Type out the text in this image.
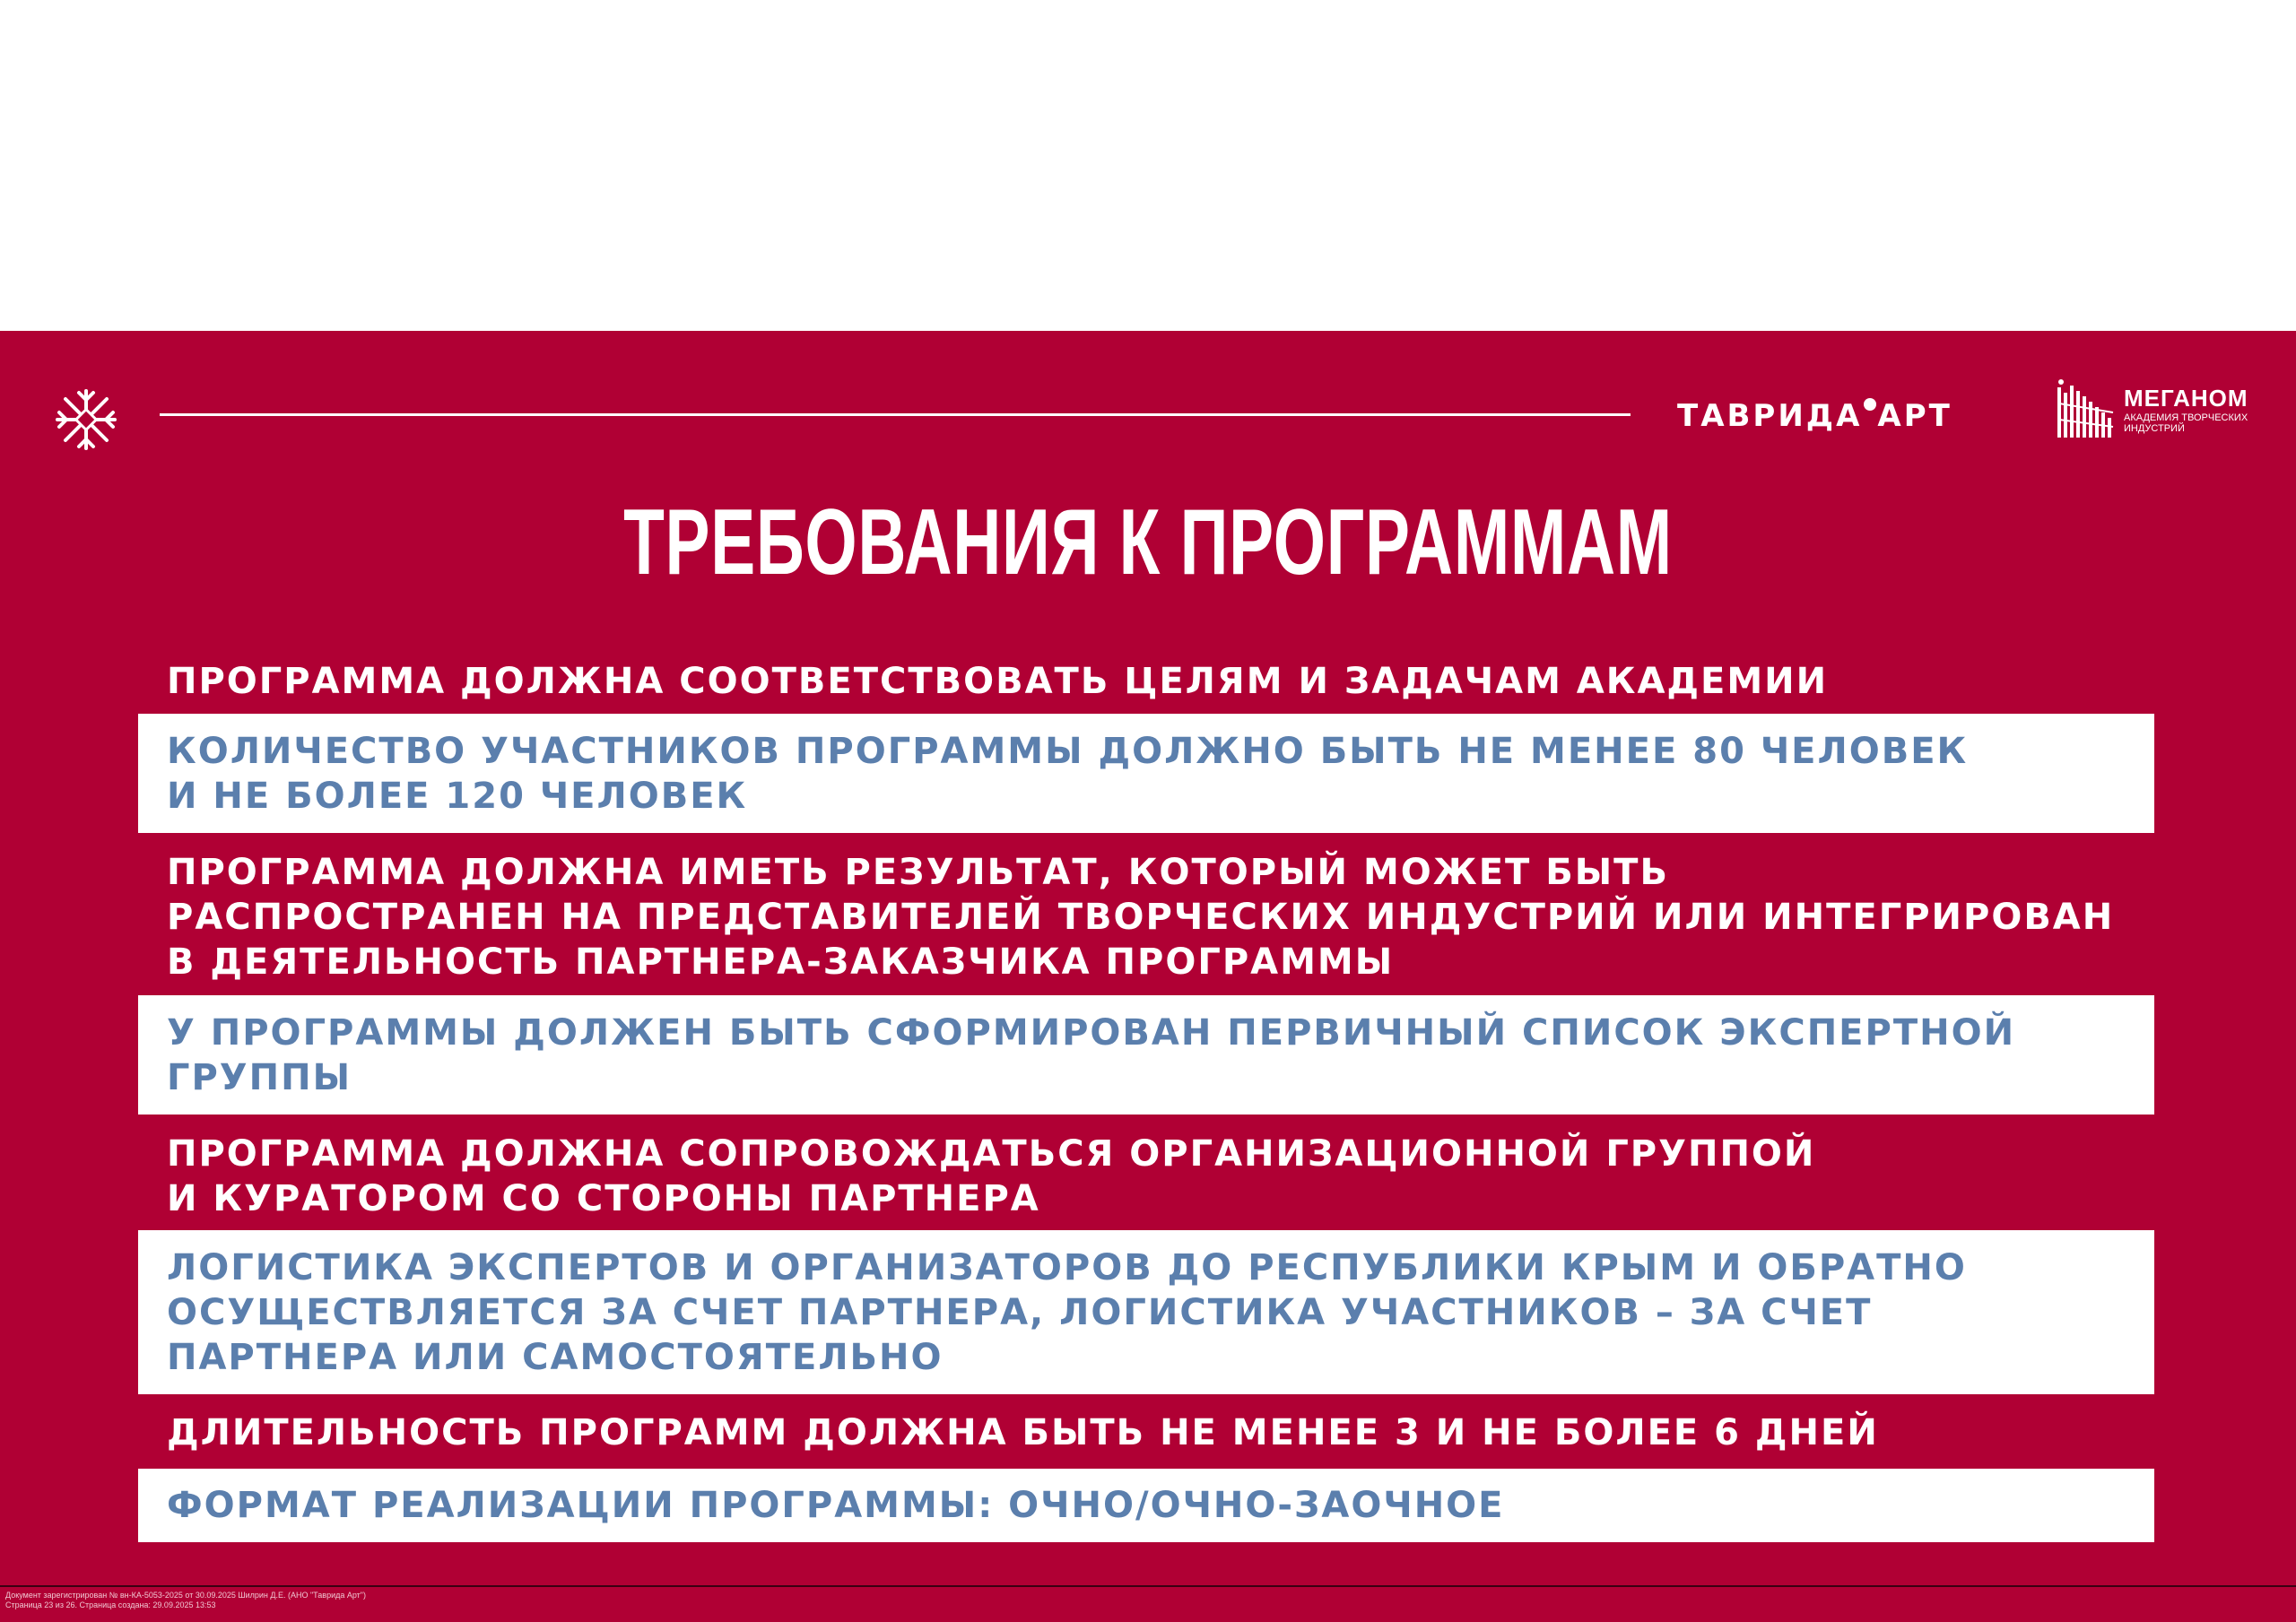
ТАВРИДА АРТ	МЕГАНОМ
АКАДЕМИЯ ТВОРЧЕСКИХ ИНДУСТРИЙ
ТРЕБОВАНИЯ К ПРОГРАММАМ
ПРОГРАММА ДОЛЖНА СООТВЕТСТВОВАТЬ ЦЕЛЯМ И ЗАДАЧАМ АКАДЕМИИ
КОЛИЧЕСТВО УЧАСТНИКОВ ПРОГРАММЫ ДОЛЖНО БЫТЬ НЕ МЕНЕЕ 80 ЧЕЛОВЕК
И НЕ БОЛЕЕ 120 ЧЕЛОВЕК
ПРОГРАММА ДОЛЖНА ИМЕТЬ РЕЗУЛЬТАТ, КОТОРЫЙ МОЖЕТ БЫТЬ
РАСПРОСТРАНЕН НА ПРЕДСТАВИТЕЛЕЙ ТВОРЧЕСКИХ ИНДУСТРИЙ ИЛИ ИНТЕГРИРОВАН
В ДЕЯТЕЛЬНОСТЬ ПАРТНЕРА-ЗАКАЗЧИКА ПРОГРАММЫ
У ПРОГРАММЫ ДОЛЖЕН БЫТЬ СФОРМИРОВАН ПЕРВИЧНЫЙ СПИСОК ЭКСПЕРТНОЙ
ГРУППЫ
ПРОГРАММА ДОЛЖНА СОПРОВОЖДАТЬСЯ ОРГАНИЗАЦИОННОЙ ГРУППОЙ
И КУРАТОРОМ СО СТОРОНЫ ПАРТНЕРА
ЛОГИСТИКА ЭКСПЕРТОВ И ОРГАНИЗАТОРОВ ДО РЕСПУБЛИКИ КРЫМ И ОБРАТНО
ОСУЩЕСТВЛЯЕТСЯ ЗА СЧЕТ ПАРТНЕРА, ЛОГИСТИКА УЧАСТНИКОВ – ЗА СЧЕТ
ПАРТНЕРА ИЛИ САМОСТОЯТЕЛЬНО
ДЛИТЕЛЬНОСТЬ ПРОГРАММ ДОЛЖНА БЫТЬ НЕ МЕНЕЕ 3 И НЕ БОЛЕЕ 6 ДНЕЙ
ФОРМАТ РЕАЛИЗАЦИИ ПРОГРАММЫ: ОЧНО/ОЧНО-ЗАОЧНОЕ
Документ зарегистрирован № вн-КА-5053-2025 от 30.09.2025 Шилрин Д.Е. (АНО "Таврида Арт")
Страница 23 из 26. Страница создана: 29.09.2025 13:53
